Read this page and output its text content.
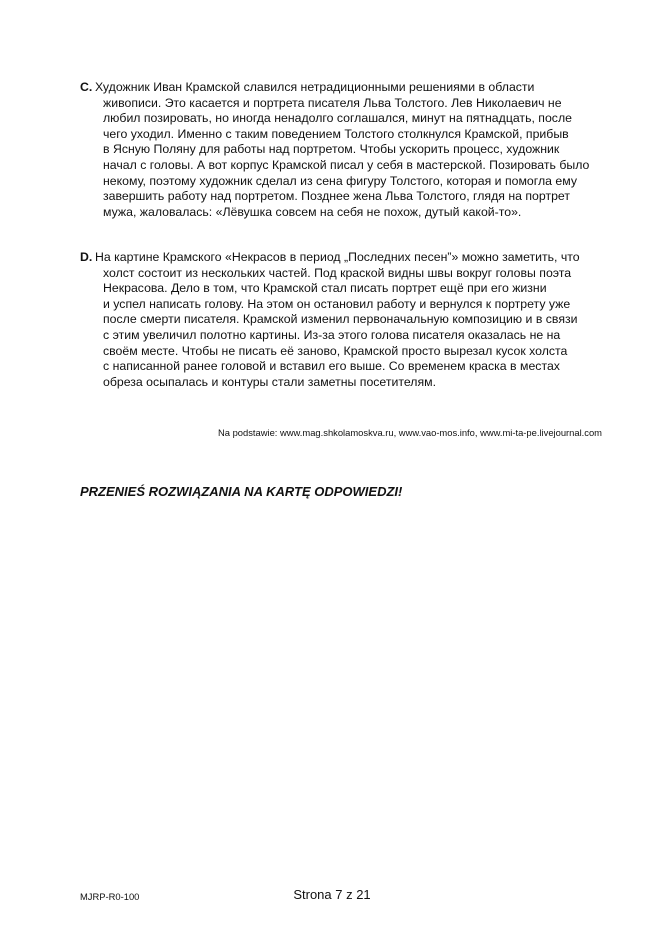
C. Художник Иван Крамской славился нетрадиционными решениями в области
живописи. Это касается и портрета писателя Льва Толстого. Лев Николаевич не
любил позировать, но иногда ненадолго соглашался, минут на пятнадцать, после
чего уходил. Именно с таким поведением Толстого столкнулся Крамской, прибыв
в Ясную Поляну для работы над портретом. Чтобы ускорить процесс, художник
начал с головы. А вот корпус Крамской писал у себя в мастерской. Позировать было
некому, поэтому художник сделал из сена фигуру Толстого, которая и помогла ему
завершить работу над портретом. Позднее жена Льва Толстого, глядя на портрет
мужа, жаловалась: «Лёвушка совсем на себя не похож, дутый какой-то».
D. На картине Крамского «Некрасов в период „Последних песен”» можно заметить, что
холст состоит из нескольких частей. Под краской видны швы вокруг головы поэта
Некрасова. Дело в том, что Крамской стал писать портрет ещё при его жизни
и успел написать голову. На этом он остановил работу и вернулся к портрету уже
после смерти писателя. Крамской изменил первоначальную композицию и в связи
с этим увеличил полотно картины. Из-за этого голова писателя оказалась не на
своём месте. Чтобы не писать её заново, Крамской просто вырезал кусок холста
с написанной ранее головой и вставил его выше. Со временем краска в местах
обреза осыпалась и контуры стали заметны посетителям.
Na podstawie: www.mag.shkolamoskva.ru, www.vao-mos.info, www.mi-ta-pe.livejournal.com
PRZENIEŚ ROZWIĄZANIA NA KARTĘ ODPOWIEDZI!
MJRP-R0-100	Strona 7 z 21
